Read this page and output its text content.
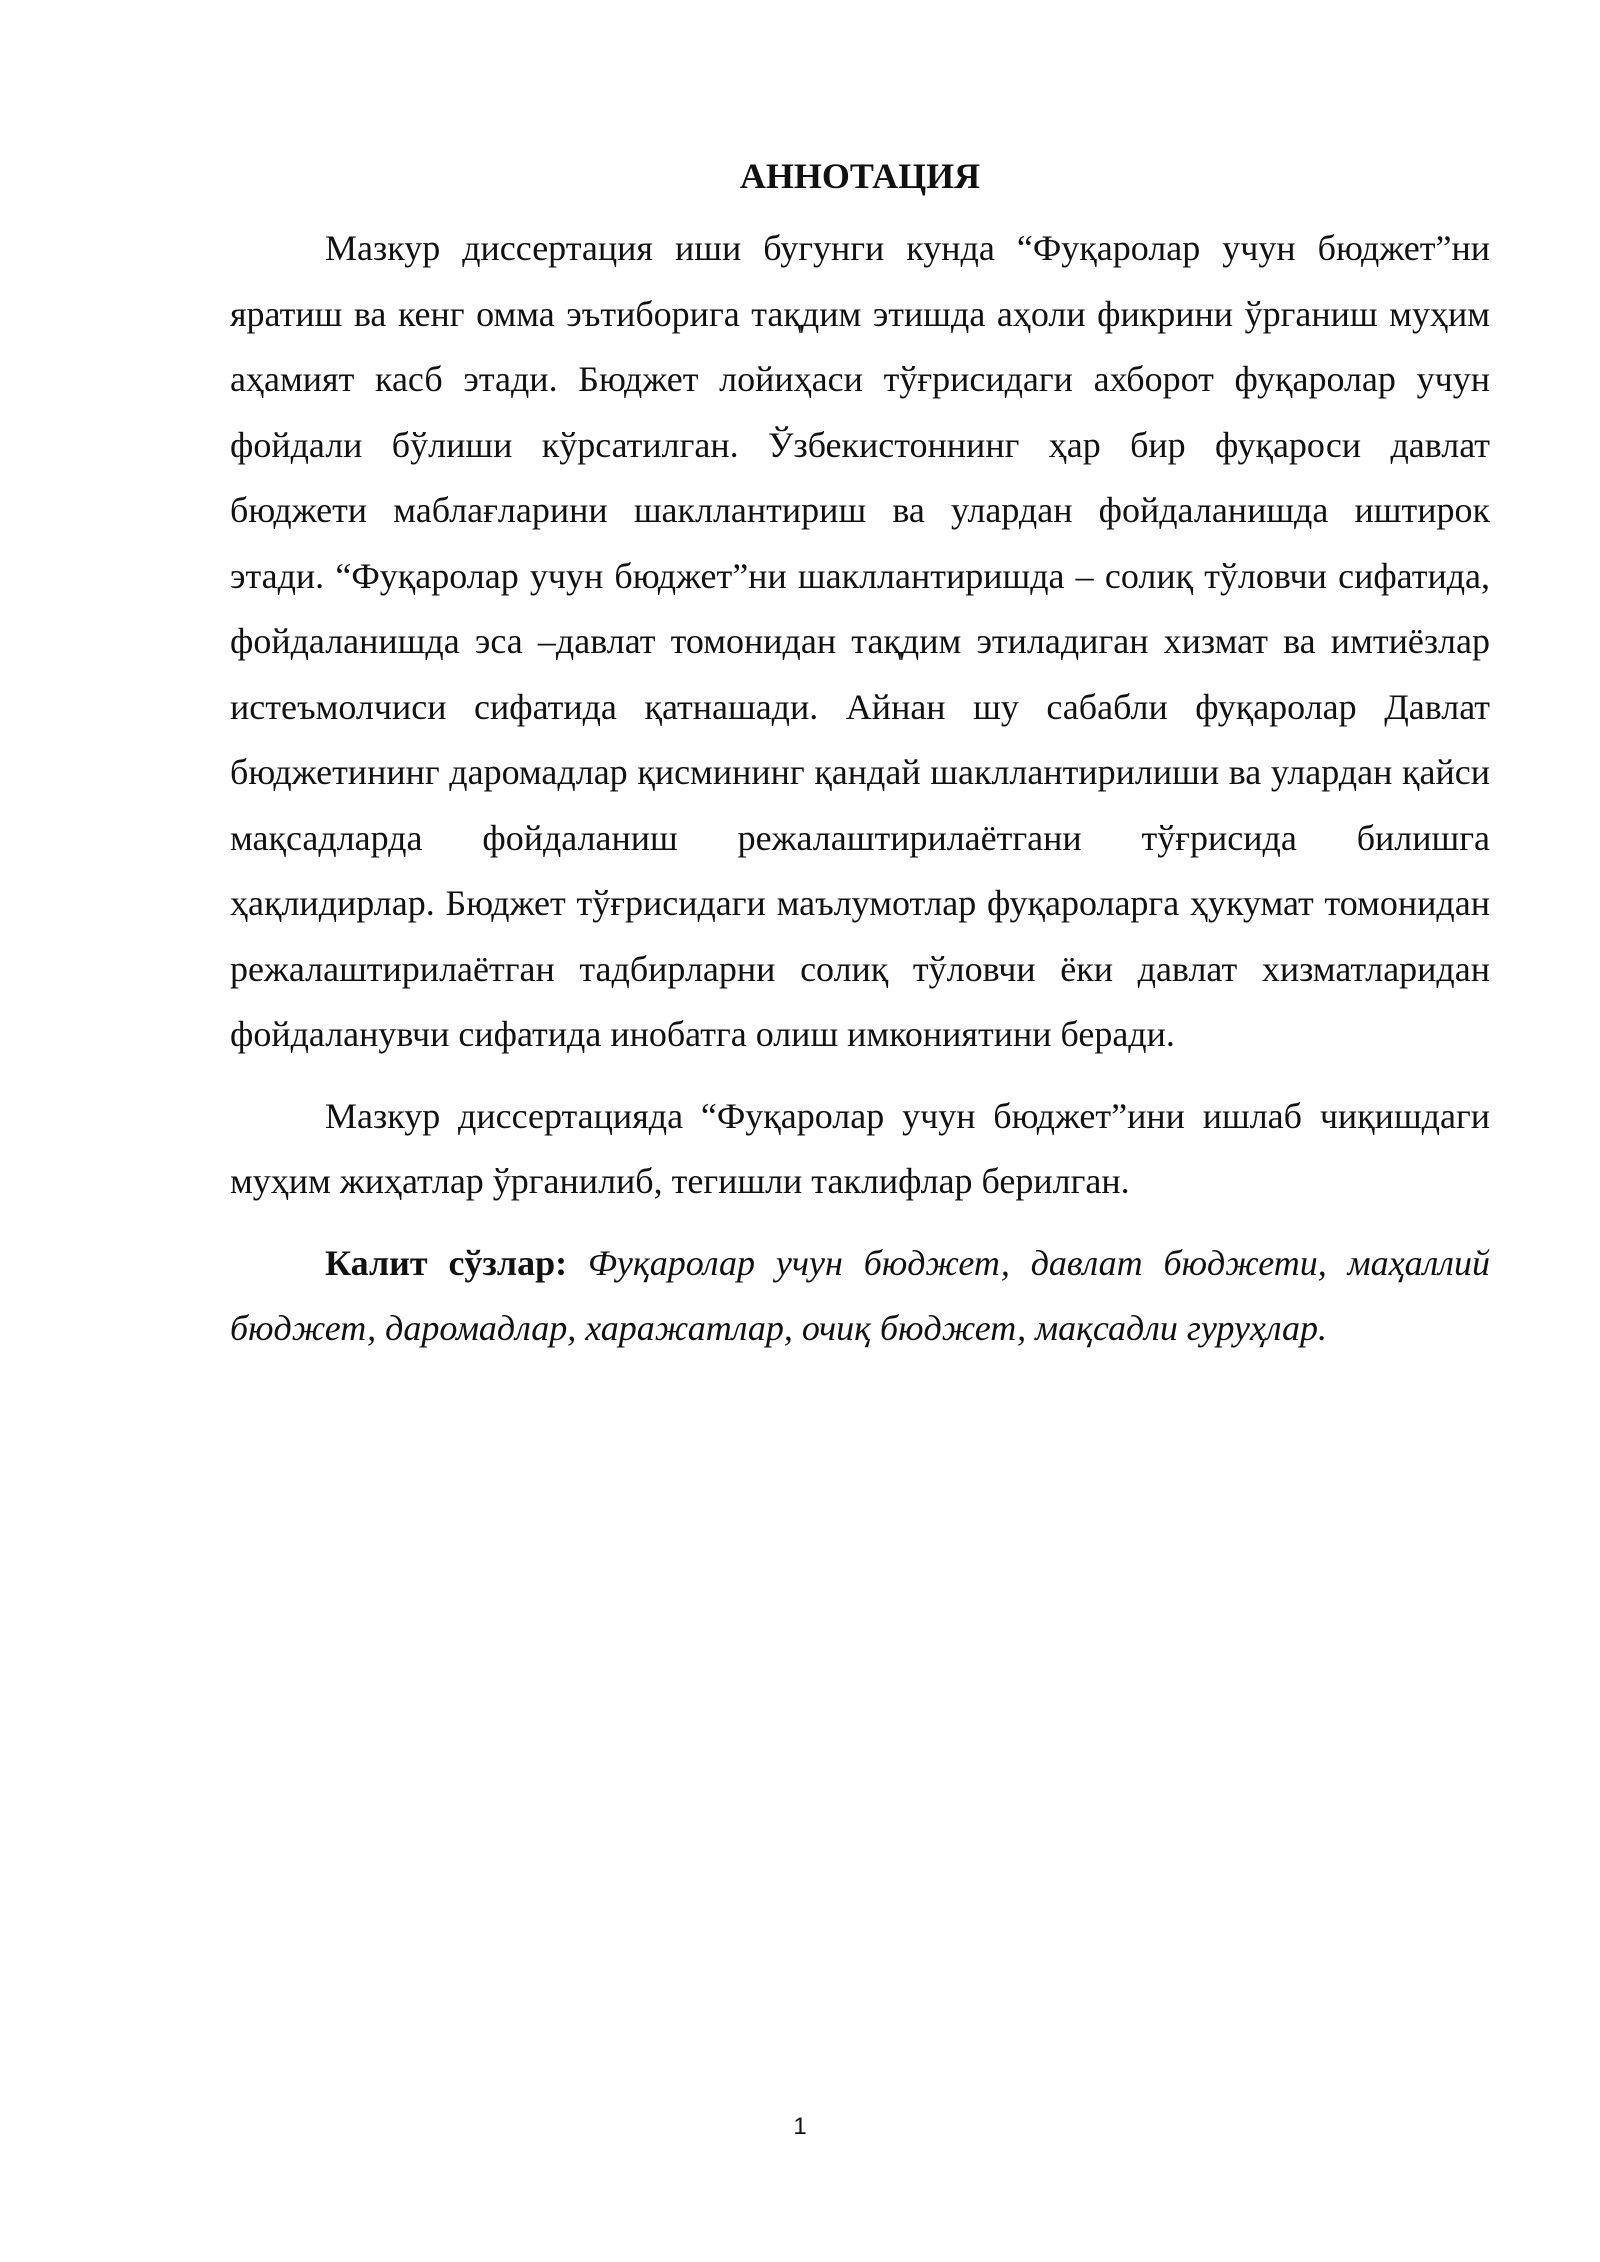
АННОТАЦИЯ

Мазкур диссертация иши бугунги кунда “Фуқаролар учун бюджет”ни яратиш ва кенг омма эътиборига тақдим этишда аҳоли фикрини ўрганиш муҳим аҳамият касб этади. Бюджет лойиҳаси тўғрисидаги ахборот фуқаролар учун фойдали бўлиши кўрсатилган. Ўзбекистоннинг ҳар бир фуқароси давлат бюджети маблағларини шакллантириш ва улардан фойдаланишда иштирок этади. “Фуқаролар учун бюджет”ни шакллантиришда – солиқ тўловчи сифатида, фойдаланишда эса –давлат томонидан тақдим этиладиган хизмат ва имтиёзлар истеъмолчиси сифатида қатнашади. Айнан шу сабабли фуқаролар Давлат бюджетининг даромадлар қисмининг қандай шакллантирилиши ва улардан қайси мақсадларда фойдаланиш режалаштирилаётгани тўғрисида билишга ҳақлидирлар. Бюджет тўғрисидаги маълумотлар фуқароларга ҳукумат томонидан режалаштирилаётган тадбирларни солиқ тўловчи ёки давлат хизматларидан фойдаланувчи сифатида инобатга олиш имкониятини беради.

Мазкур диссертацияда “Фуқаролар учун бюджет”ини ишлаб чиқишдаги муҳим жиҳатлар ўрганилиб, тегишли таклифлар берилган.

Калит сўзлар: Фуқаролар учун бюджет, давлат бюджети, маҳаллий бюджет, даромадлар, харажатлар, очиқ бюджет, мақсадли гуруҳлар.

1
